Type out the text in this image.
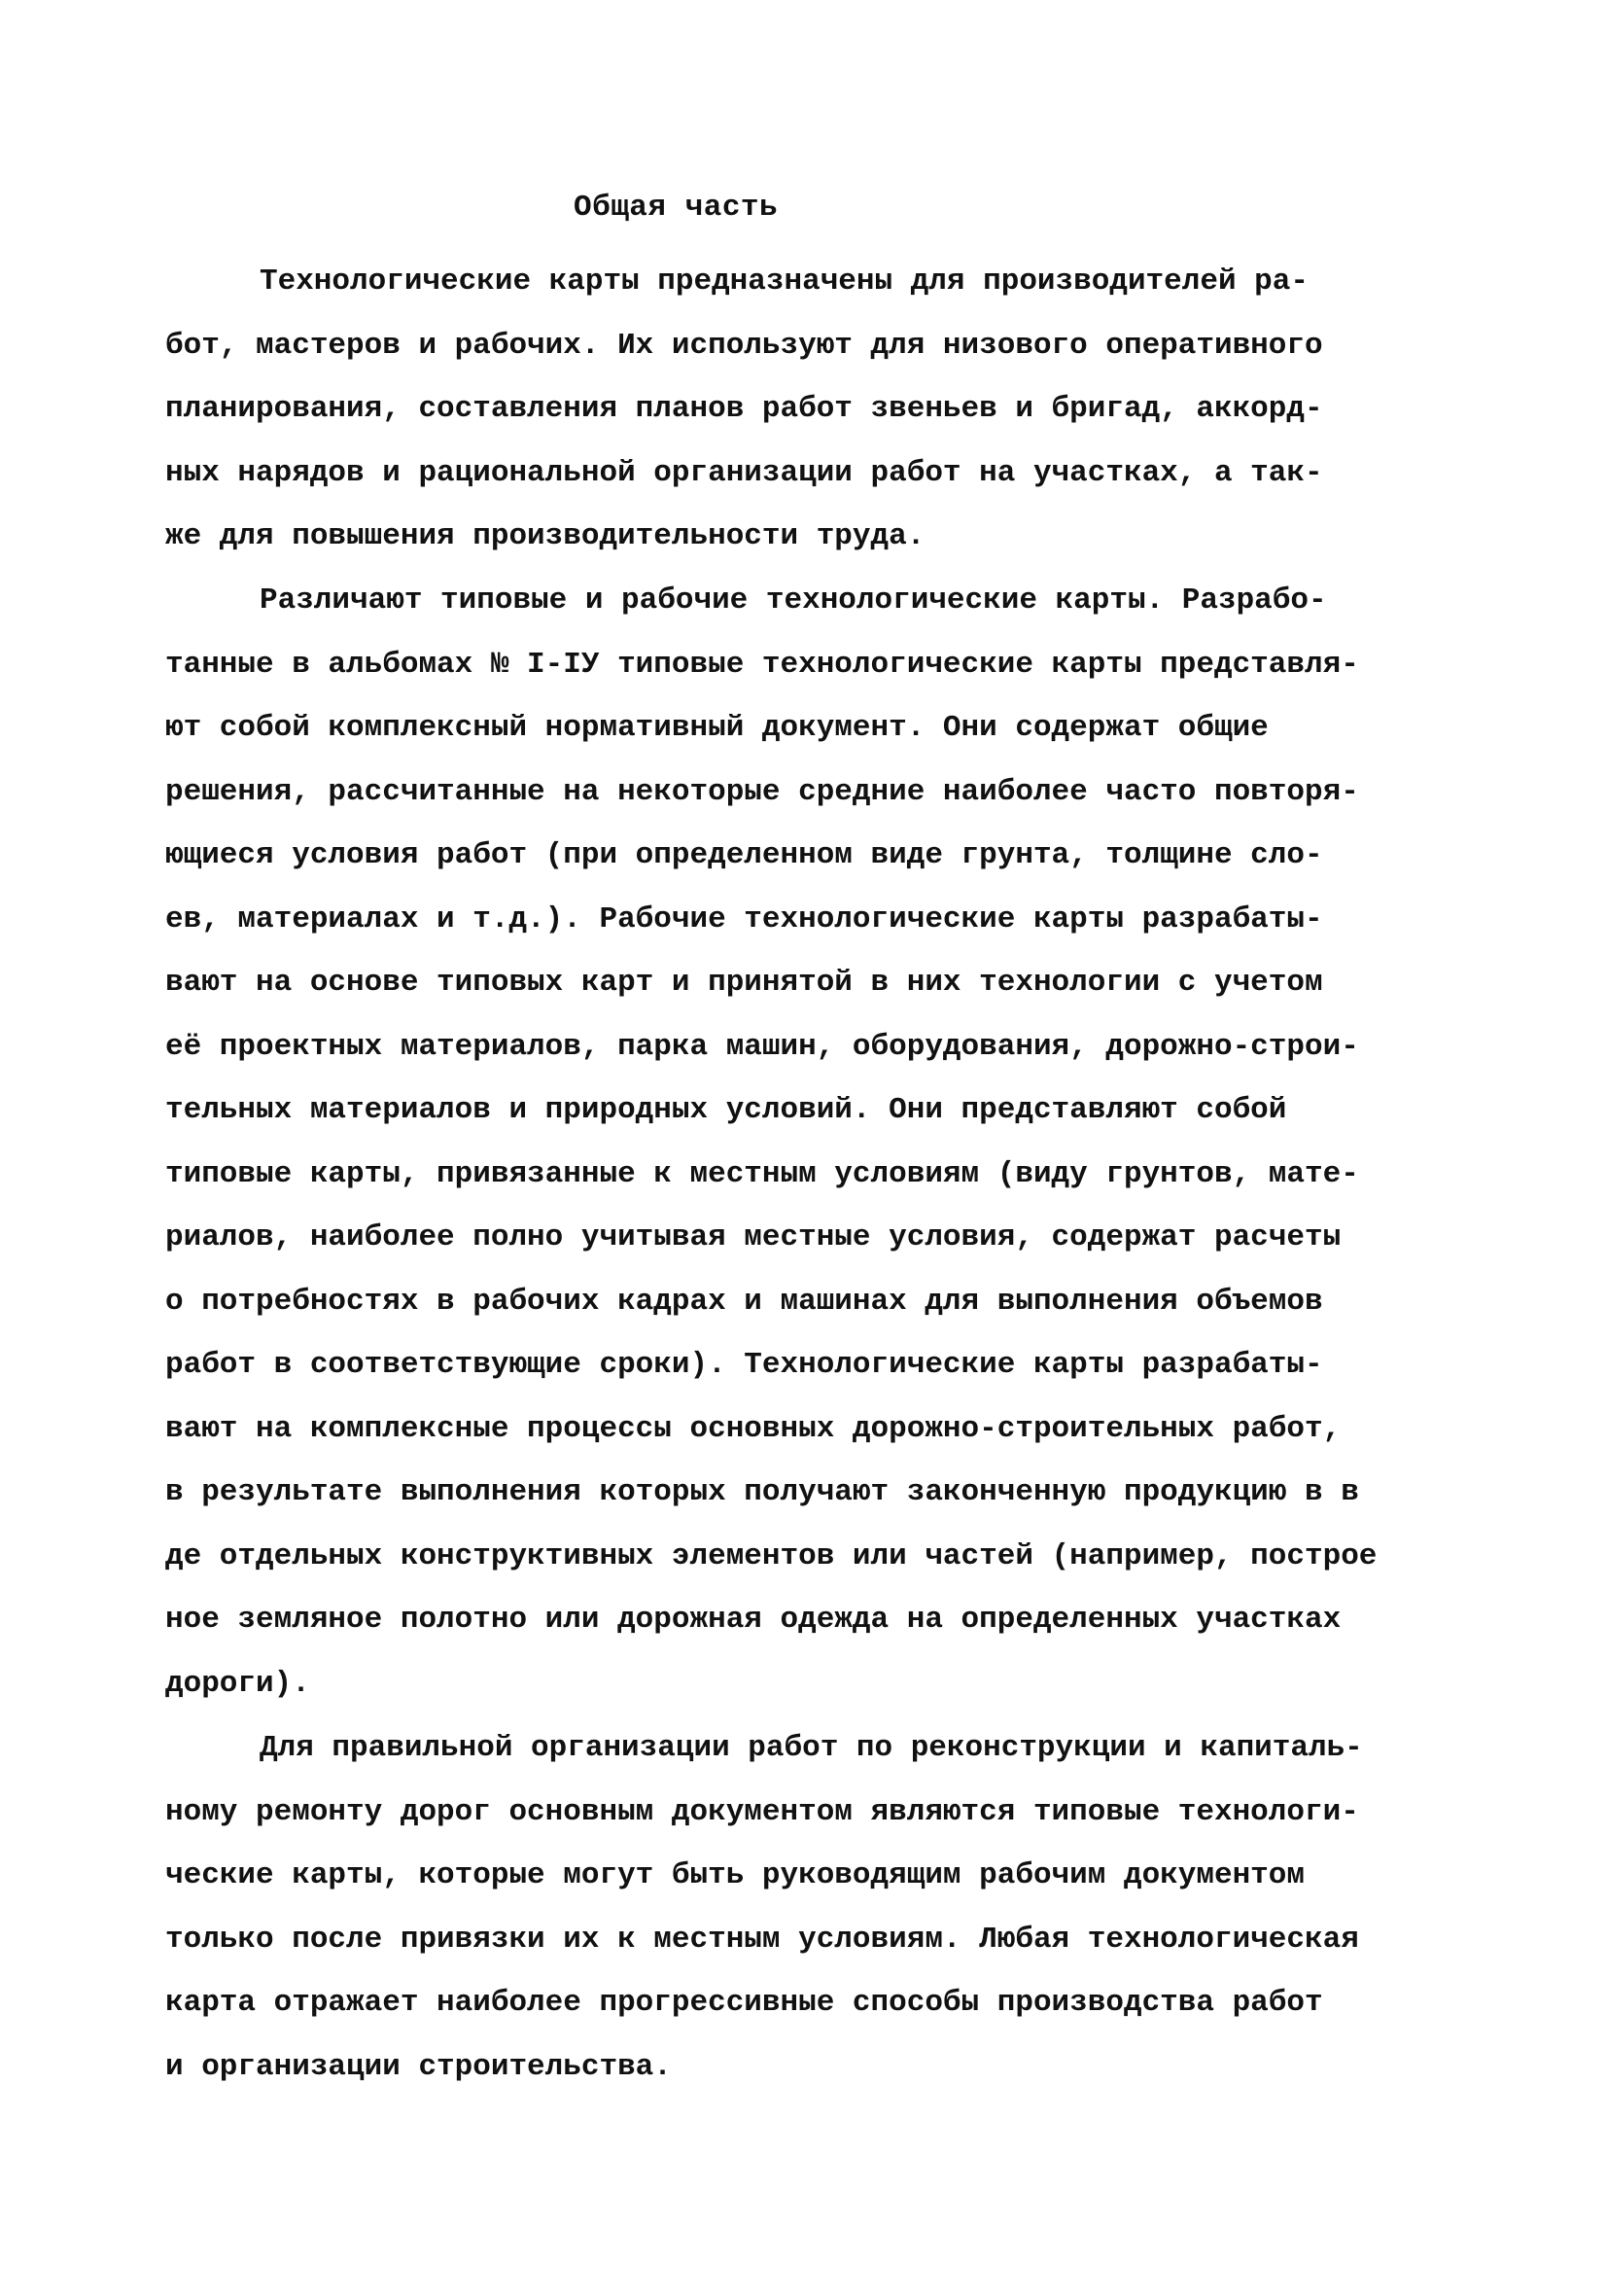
Общая часть
Технологические карты предназначены для производителей ра-
бот, мастеров и рабочих. Их используют для низового оперативного
планирования, составления планов работ звеньев и бригад, аккорд-
ных нарядов и рациональной организации работ на участках, а так-
же для повышения производительности труда.
Различают типовые и рабочие технологические карты. Разрабо-
танные в альбомах № I-IУ типовые технологические карты представля-
ют собой комплексный нормативный документ. Они содержат общие
решения, рассчитанные на некоторые средние наиболее часто повторя-
ющиеся условия работ (при определенном виде грунта, толщине сло-
ев, материалах и т.д.). Рабочие технологические карты разрабаты-
вают на основе типовых карт и принятой в них технологии с учетом
её проектных материалов, парка машин, оборудования, дорожно-строи-
тельных материалов и природных условий. Они представляют собой
типовые карты, привязанные к местным условиям (виду грунтов, мате-
риалов, наиболее полно учитывая местные условия, содержат расчеты
о потребностях в рабочих кадрах и машинах для выполнения объемов
работ в соответствующие сроки). Технологические карты разрабаты-
вают на комплексные процессы основных дорожно-строительных работ,
в результате выполнения которых получают законченную продукцию в в
де отдельных конструктивных элементов или частей (например, построе
ное земляное полотно или дорожная одежда на определенных участках
дороги).
Для правильной организации работ по реконструкции и капиталь-
ному ремонту дорог основным документом являются типовые технологи-
ческие карты, которые могут быть руководящим рабочим документом
только после привязки их к местным условиям. Любая технологическая
карта отражает наиболее прогрессивные способы производства работ
и организации строительства.
